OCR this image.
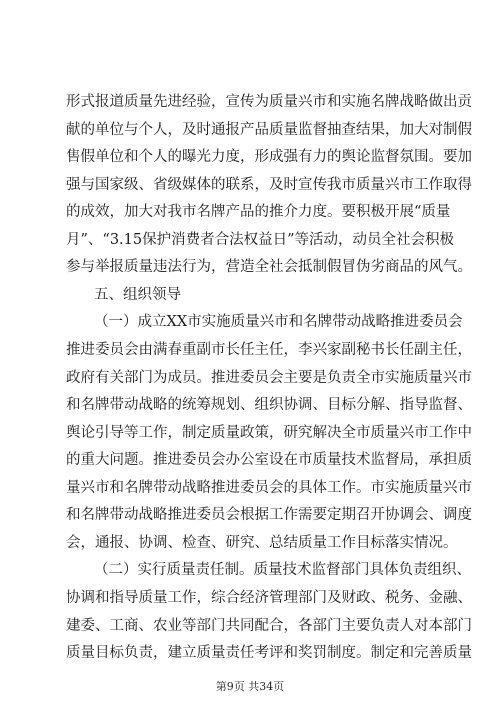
形式报道质量先进经验，宣传为质量兴市和实施名牌战略做出贡
献的单位与个人，及时通报产品质量监督抽查结果，加大对制假
售假单位和个人的曝光力度，形成强有力的舆论监督氛围。要加
强与国家级、省级媒体的联系，及时宣传我市质量兴市工作取得
的成效，加大对我市名牌产品的推介力度。要积极开展“质量
月”、“3.15保护消费者合法权益日”等活动，动员全社会积极
参与举报质量违法行为，营造全社会抵制假冒伪劣商品的风气。
五、组织领导
（一）成立XX市实施质量兴市和名牌带动战略推进委员会
推进委员会由满春重副市长任主任，李兴家副秘书长任副主任，
政府有关部门为成员。推进委员会主要是负责全市实施质量兴市
和名牌带动战略的统筹规划、组织协调、目标分解、指导监督、
舆论引导等工作，制定质量政策，研究解决全市质量兴市工作中
的重大问题。推进委员会办公室设在市质量技术监督局，承担质
量兴市和名牌带动战略推进委员会的具体工作。市实施质量兴市
和名牌带动战略推进委员会根据工作需要定期召开协调会、调度
会，通报、协调、检查、研究、总结质量工作目标落实情况。
（二）实行质量责任制。质量技术监督部门具体负责组织、
协调和指导质量工作，综合经济管理部门及财政、税务、金融、
建委、工商、农业等部门共同配合，各部门主要负责人对本部门
质量目标负责，建立质量责任考评和奖罚制度。制定和完善质量
第9页 共34页
